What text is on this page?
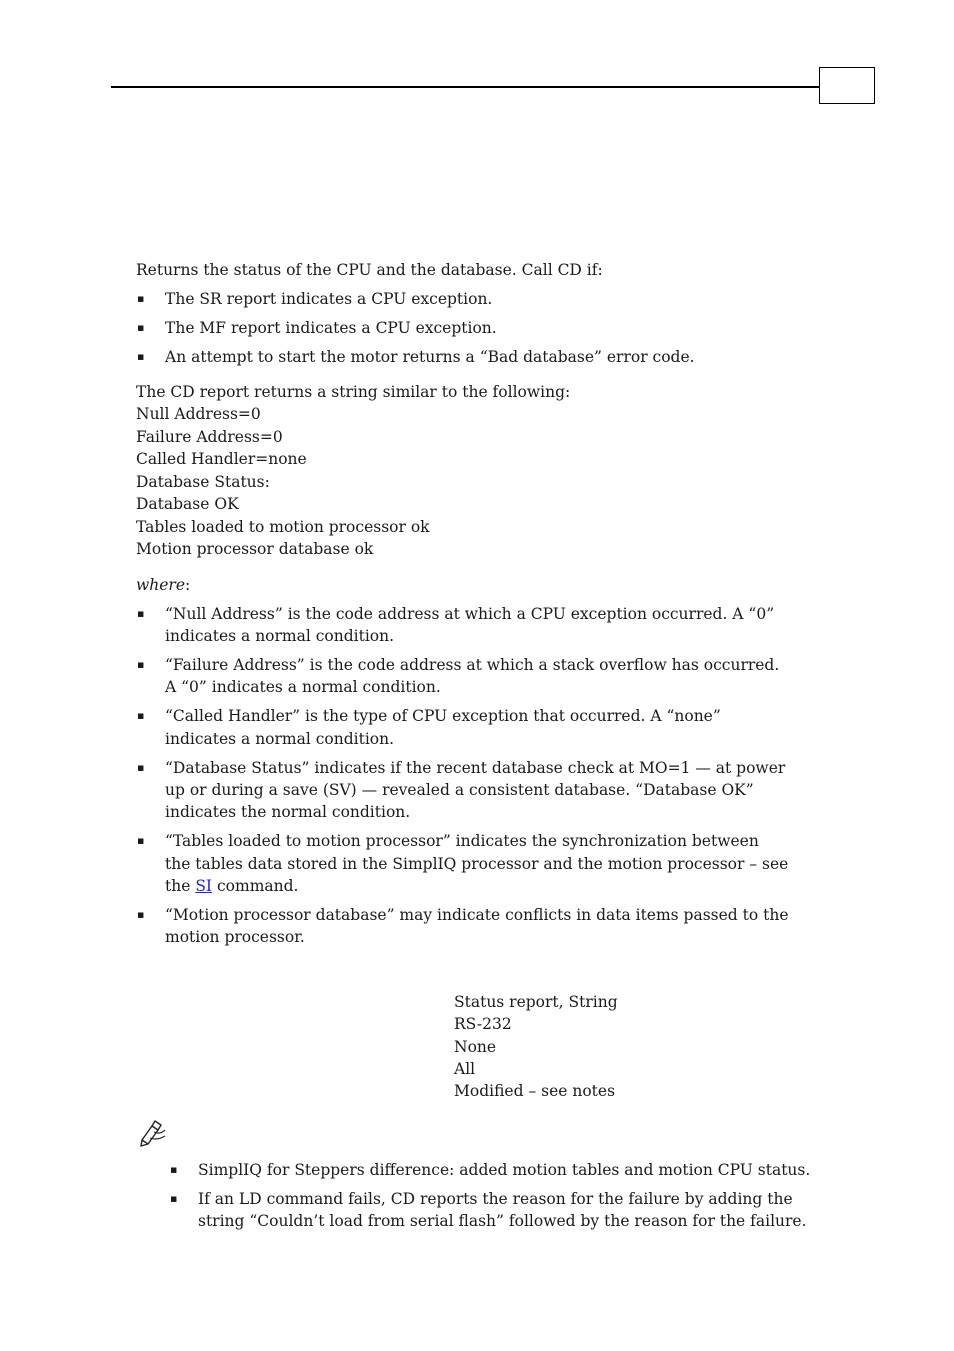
Returns the status of the CPU and the database. Call CD if:
▪ The SR report indicates a CPU exception.
▪ The MF report indicates a CPU exception.
▪ An attempt to start the motor returns a “Bad database” error code.
The CD report returns a string similar to the following:
Null Address=0
Failure Address=0
Called Handler=none
Database Status:
Database OK
Tables loaded to motion processor ok
Motion processor database ok
where:
▪ “Null Address” is the code address at which a CPU exception occurred. A “0”
indicates a normal condition.
▪ “Failure Address” is the code address at which a stack overflow has occurred.
A “0” indicates a normal condition.
▪ “Called Handler” is the type of CPU exception that occurred. A “none”
indicates a normal condition.
▪ “Database Status” indicates if the recent database check at MO=1 — at power
up or during a save (SV) — revealed a consistent database. “Database OK”
indicates the normal condition.
▪ “Tables loaded to motion processor” indicates the synchronization between
the tables data stored in the SimplIQ processor and the motion processor – see
the SI command.
▪ “Motion processor database” may indicate conflicts in data items passed to the
motion processor.
Status report, String
RS-232
None
All
Modified – see notes
▪ SimplIQ for Steppers difference: added motion tables and motion CPU status.
▪ If an LD command fails, CD reports the reason for the failure by adding the
string “Couldn’t load from serial flash” followed by the reason for the failure.
